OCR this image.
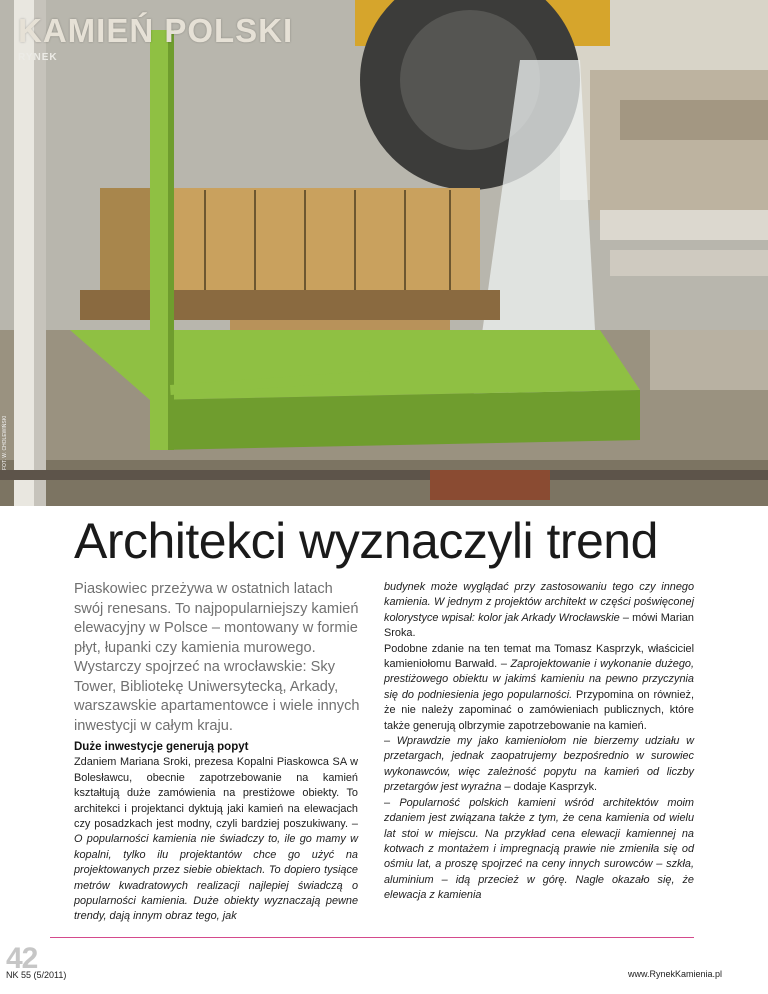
KAMIEŃ POLSKI
RYNEK
FOT. W. CHOLEWIŃSKI
Architekci wyznaczyli trend
Piaskowiec przeżywa w ostatnich latach swój renesans. To najpopularniejszy kamień elewacyjny w Polsce – montowany w formie płyt, łupanki czy kamienia murowego. Wystarczy spojrzeć na wrocławskie: Sky Tower, Bibliotekę Uniwersytecką, Arkady, warszawskie apartamentowce i wiele innych inwestycji w całym kraju.
Duże inwestycje generują popyt

Zdaniem Mariana Sroki, prezesa Kopalni Piaskowca SA w Bolesławcu, obecnie zapotrzebowanie na kamień kształtują duże zamówienia na prestiżowe obiekty. To architekci i projektanci dyktują jaki kamień na elewacjach czy posadzkach jest modny, czyli bardziej poszukiwany. – O popularności kamienia nie świadczy to, ile go mamy w kopalni, tylko ilu projektantów chce go użyć na projektowanych przez siebie obiektach. To dopiero tysiące metrów kwadratowych realizacji najlepiej świadczą o popularności kamienia. Duże obiekty wyznaczają pewne trendy, dają innym obraz tego, jak

budynek może wyglądać przy zastosowaniu tego czy innego kamienia. W jednym z projektów architekt w części poświęconej kolorystyce wpisał: kolor jak Arkady Wrocławskie – mówi Marian Sroka.

Podobne zdanie na ten temat ma Tomasz Kasprzyk, właściciel kamieniołomu Barwałd. – Zaprojektowanie i wykonanie dużego, prestiżowego obiektu w jakimś kamieniu na pewno przyczynia się do podniesienia jego popularności. Przypomina on również, że nie należy zapominać o zamówieniach publicznych, które także generują olbrzymie zapotrzebowanie na kamień.

– Wprawdzie my jako kamieniołom nie bierzemy udziału w przetargach, jednak zaopatrujemy bezpośrednio w surowiec wykonawców, więc zależność popytu na kamień od liczby przetargów jest wyraźna – dodaje Kasprzyk.

– Popularność polskich kamieni wśród architektów moim zdaniem jest związana także z tym, że cena kamienia od wielu lat stoi w miejscu. Na przykład cena elewacji kamiennej na kotwach z montażem i impregnacją prawie nie zmieniła się od ośmiu lat, a proszę spojrzeć na ceny innych surowców – szkła, aluminium – idą przecież w górę. Nagle okazało się, że elewacja z kamienia

42
NK 55 (5/2011)	www.RynekKamienia.pl
